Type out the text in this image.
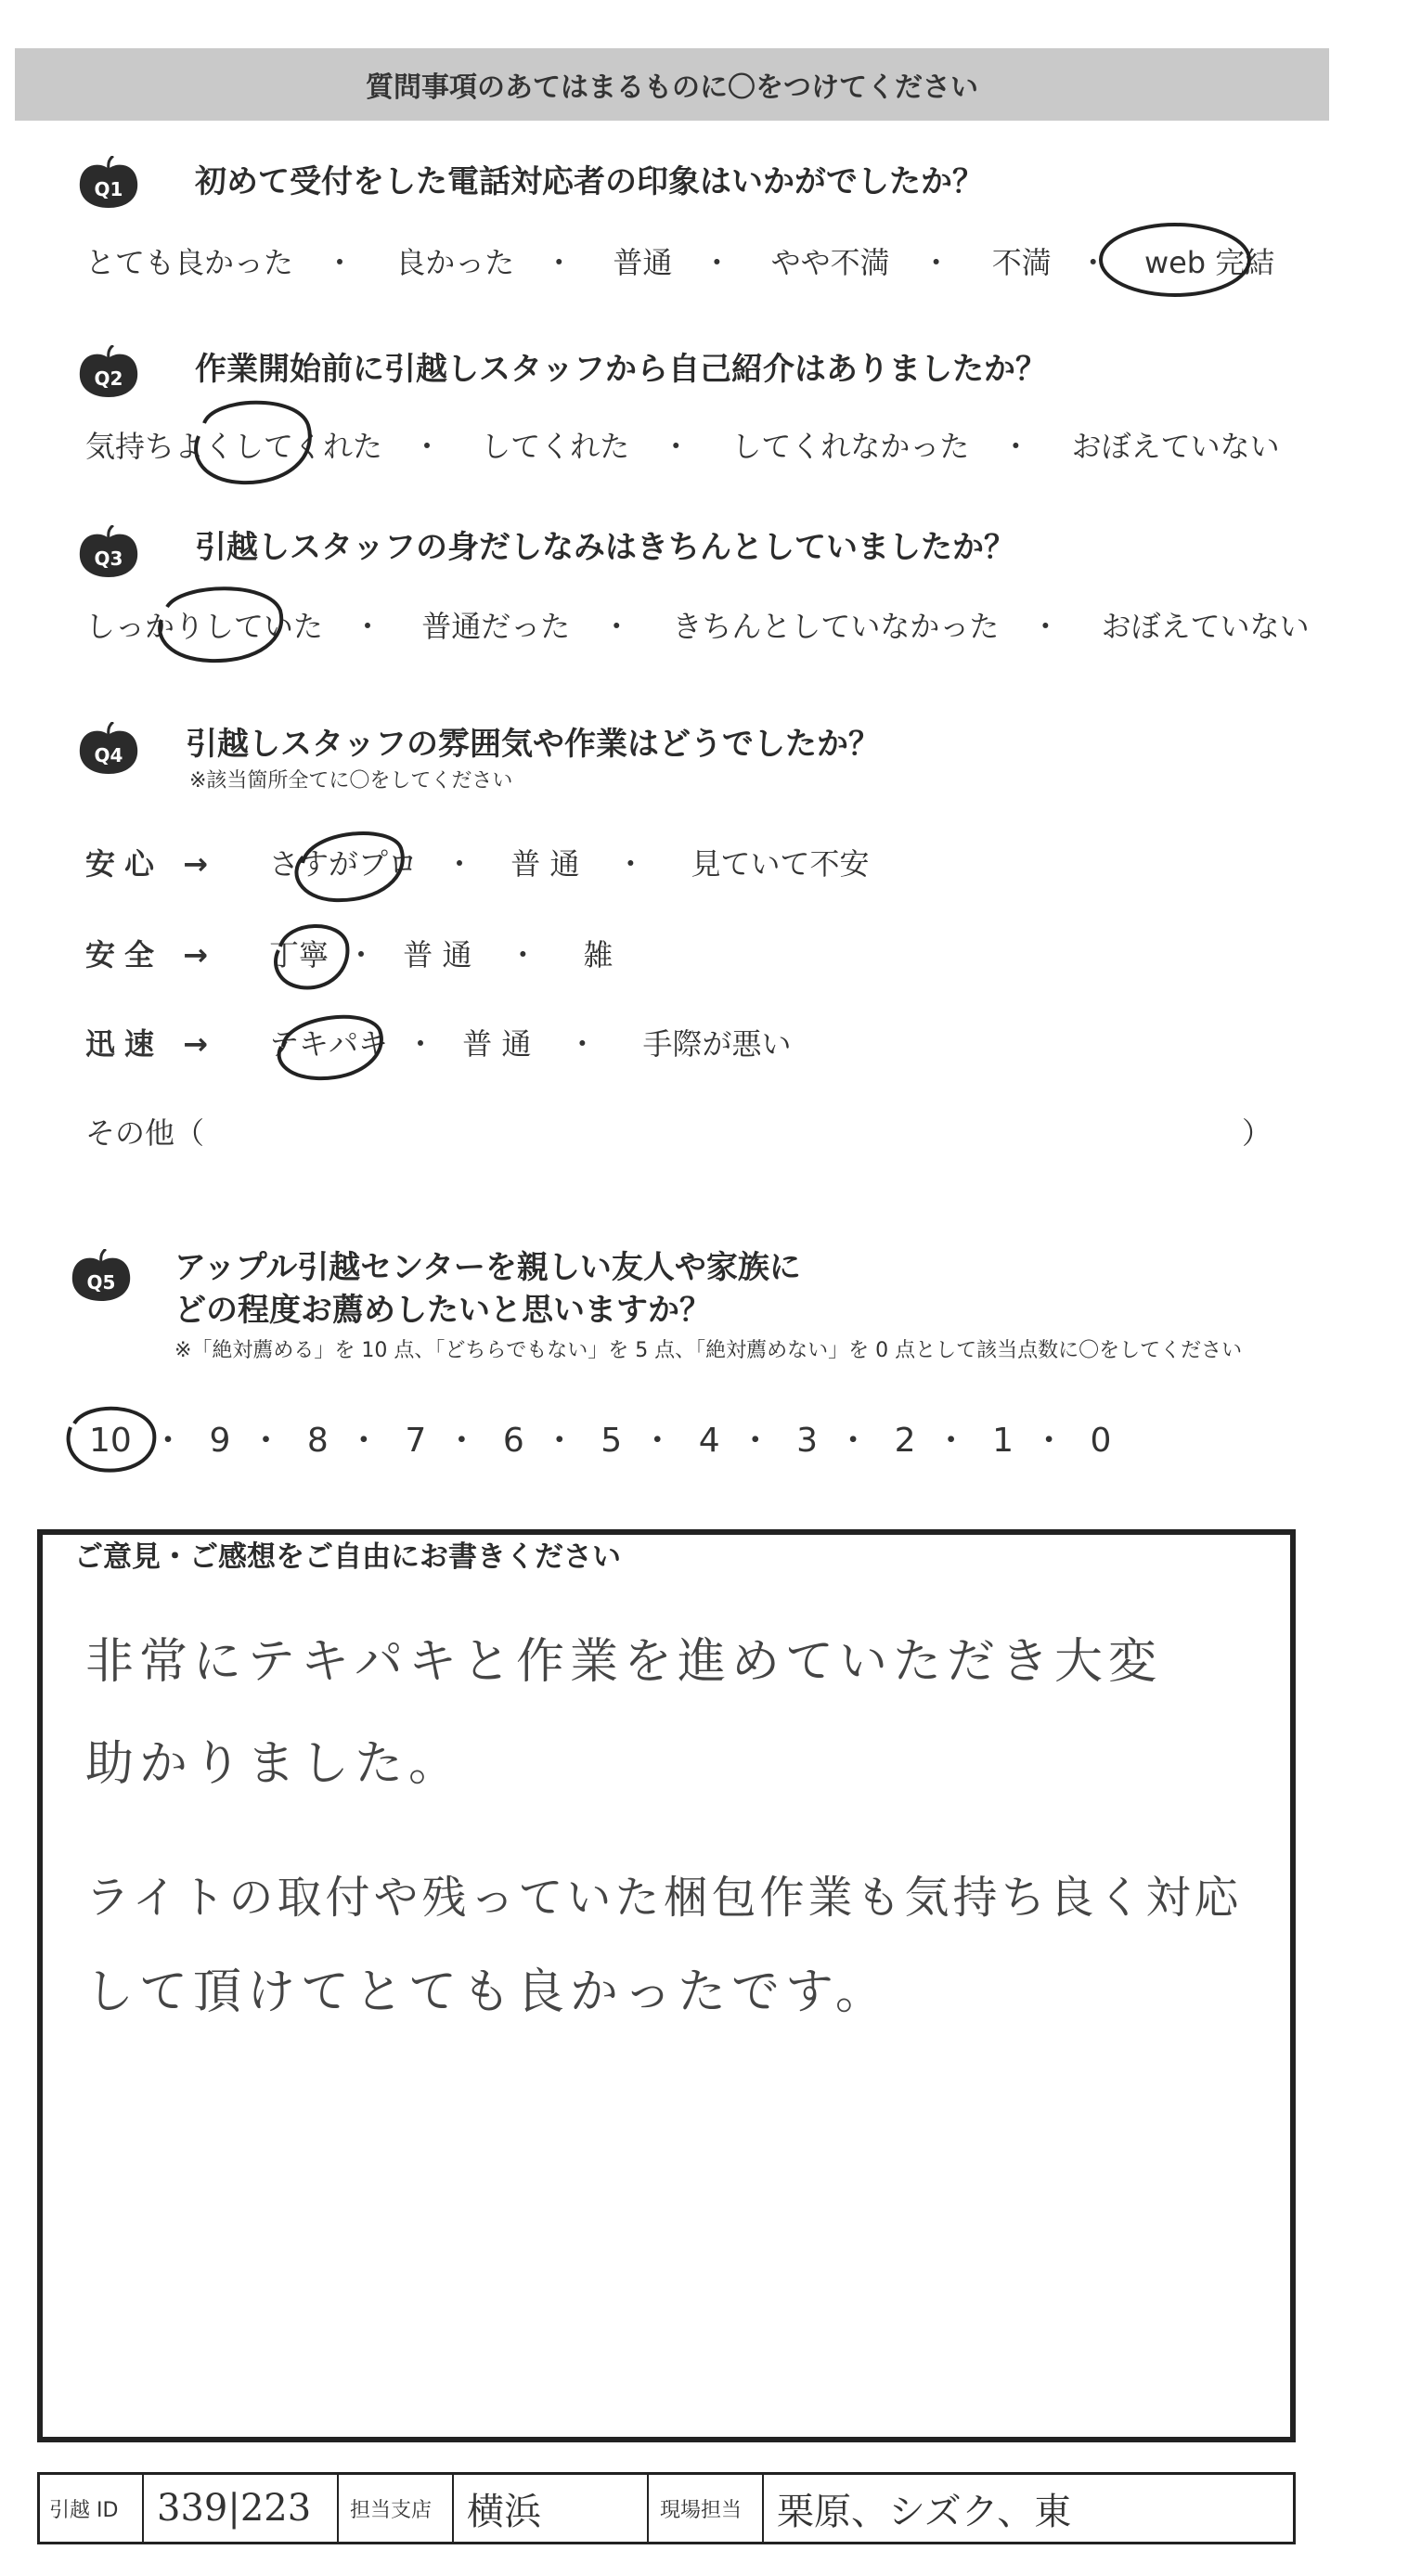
質問事項のあてはまるものに〇をつけてください
Q1 初めて受付をした電話対応者の印象はいかがでしたか？
とても良かった ・ 良かった ・ 普通 ・ やや不満 ・ 不満 ・ web 完結
Q2 作業開始前に引越しスタッフから自己紹介はありましたか？
気持ちよくしてくれた ・ してくれた ・ してくれなかった ・ おぼえていない
Q3 引越しスタッフの身だしなみはきちんとしていましたか？
しっかりしていた ・ 普通だった ・ きちんとしていなかった ・ おぼえていない
Q4 引越しスタッフの雰囲気や作業はどうでしたか？
※該当箇所全てに〇をしてください
安心 → さすがプロ ・ 普 通 ・ 見ていて不安
安全 → 丁寧 ・ 普 通 ・ 雑
迅速 → テキパキ ・ 普 通 ・ 手際が悪い
その他（	）
Q5 アップル引越センターを親しい友人や家族に
どの程度お薦めしたいと思いますか？
※「絶対薦める」を 10 点、「どちらでもない」を 5 点、「絶対薦めない」を 0 点として該当点数に〇をしてください
10 ・ 9 ・ 8 ・ 7 ・ 6 ・ 5 ・ 4 ・ 3 ・ 2 ・ 1 ・ 0
ご意見・ご感想をご自由にお書きください
非常にテキパキと作業を進めていただき大変
助かりました。
ライトの取付や残っていた梱包作業も気持ち良く対応
して頂けてとても良かったです。
引越 ID 339|223	担当支店 横浜	現場担当 栗原、シズク、東
